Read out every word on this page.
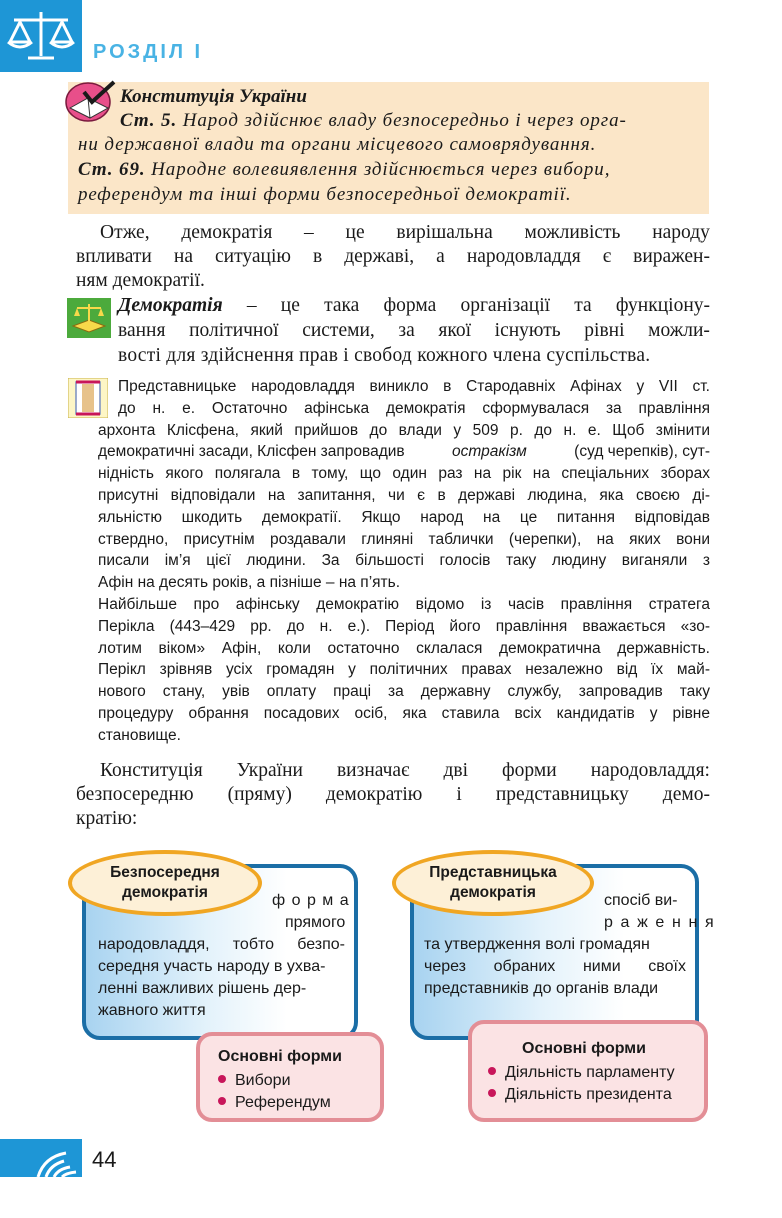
РОЗДІЛ І
Конституція України
Ст. 5. Народ здійснює владу безпосередньо і через орга-
ни державної влади та органи місцевого самоврядування.
Ст. 69. Народне волевиявлення здійснюється через вибори,
референдум та інші форми безпосередньої демократії.
Отже, демократія – це вирішальна можливість народу
впливати на ситуацію в державі, а народовладдя є виражен-
ням демократії.
Демократія – це така форма організації та функціону-
вання політичної системи, за якої існують рівні можли-
востi для здійснення прав і свобод кожного члена суспільства.
Представницьке народовладдя виникло в Стародавніх Афінах у VII ст.
до н. е. Остаточно афінська демократія сформувалася за правління
архонта Клісфена, який прийшов до влади у 509 р. до н. е. Щоб змінити
демократичні засади, Клісфен запровадив	остракізм	(суд черепків), сут-
нідність якого полягала в тому, що один раз на рік на спеціальних зборах
присутні відповідали на запитання, чи є в державі людина, яка своєю ді-
яльністю шкодить демократії. Якщо народ на це питання відповідав
ствердно, присутнім роздавали глиняні таблички (черепки), на яких вони
писали ім’я цієї людини. За більшості голосів таку людину виганяли з
Афін на десять років, а пізніше – на п’ять.
Найбільше про афінську демократію відомо із часів правління стратега
Перікла (443–429 рр. до н. е.). Період його правління вважається «зо-
лотим віком» Афін, коли остаточно склалася демократична державність.
Перікл зрівняв усіх громадян у політичних правах незалежно від їх май-
нового стану, увів оплату праці за державну службу, запровадив таку
процедуру обрання посадових осіб, яка ставила всіх кандидатів у рівне
становище.
Конституція України визначає дві форми народовладдя:
безпосередню (пряму) демократію і представницьку демо-
кратію:
Безпосередня
демократія	ф о р м а
прямого
народовладдя, тобто безпо-
середня участь народу в ухва-
ленні важливих рішень дер-
жавного життя
Основні форми
Вибори
Референдум
Представницька
демократія	спосіб ви-
р а ж е н н я
та утвердження волі громадян
через обраних ними своїх
представників до органів влади
Основні форми
Діяльність парламенту
Діяльність президента
44
